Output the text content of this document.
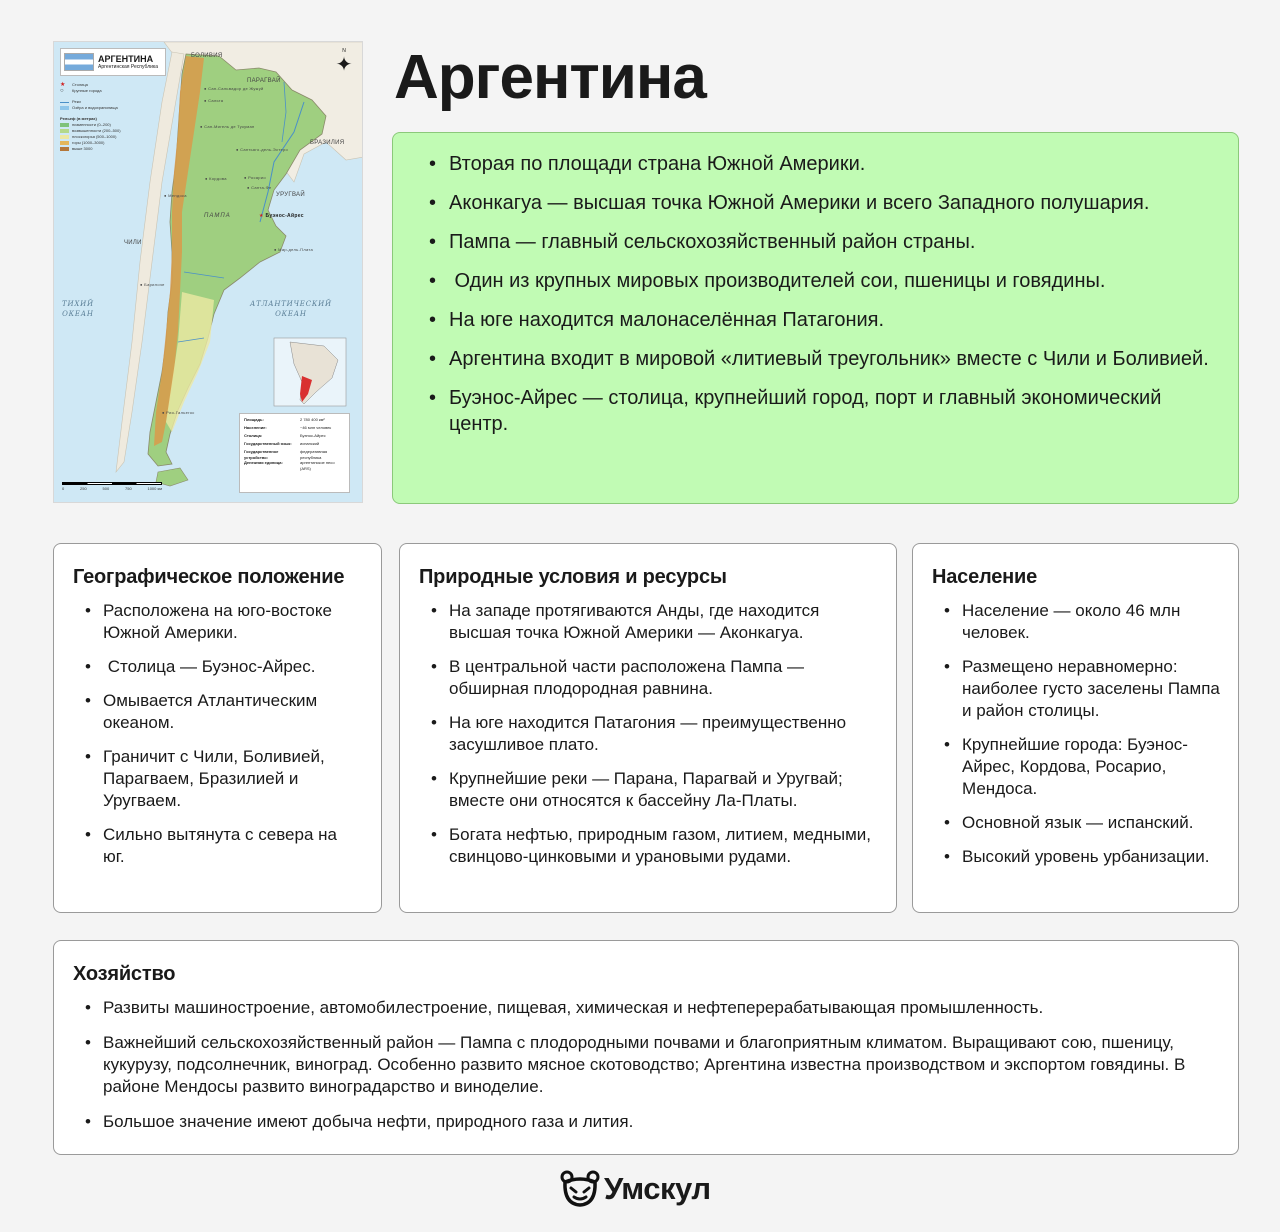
АРГЕНТИНА
Аргентинская Республика
★	Столица
○	Крупные города
Реки
Озёра и водохранилища
Рельеф (в метрах)
низменности (0–200)
возвышенности (200–500)
плоскогорья (500–1000)
горы (1000–3000)
выше 3000
БОЛИВИЯ
ПАРАГВАЙ
БРАЗИЛИЯ
УРУГВАЙ
ЧИЛИ
ПАМПА
ТИХИЙ
ОКЕАН
АТЛАНТИЧЕСКИЙ
ОКЕАН
● Сан-Сальвадор де Жужуй
● Сальта
● Сан-Мигель де Тукуман
● Сантьяго-дель-Эстеро
● Кордова
● Санта-Фе
● Росарио
● Мендоса
★ Буэнос-Айрес
● Мар-дель-Плата
● Барилоче
● Рио-Гальегос
N
✦
Площадь:	2 780 400 км²
Население:	~46 млн человек
Столица:	Буэнос-Айрес
Государственный язык:	испанский
Государственное устройство:
федеративная республика
Денежная единица:	аргентинское песо (ARS)
0	250	500	750	1000 км
Аргентина
• Вторая по площади страна Южной Америки.
• Аконкагуа — высшая точка Южной Америки и всего Западного полушария.
• Пампа — главный сельскохозяйственный район страны.
•  Один из крупных мировых производителей сои, пшеницы и говядины.
• На юге находится малонаселённая Патагония.
• Аргентина входит в мировой «литиевый треугольник» вместе с Чили и Боливией.
• Буэнос-Айрес — столица, крупнейший город, порт и главный экономический центр.
Географическое положение
• Расположена на юго-востоке Южной Америки.
•  Столица — Буэнос-Айрес.
• Омывается Атлантическим океаном.
• Граничит с Чили, Боливией, Парагваем, Бразилией и Уругваем.
• Сильно вытянута с севера на юг.
Природные условия и ресурсы
• На западе протягиваются Анды, где находится высшая точка Южной Америки — Аконкагуа.
• В центральной части расположена Пампа — обширная плодородная равнина.
• На юге находится Патагония — преимущественно засушливое плато.
• Крупнейшие реки — Парана, Парагвай и Уругвай; вместе они относятся к бассейну Ла-Платы.
• Богата нефтью, природным газом, литием, медными, свинцово-цинковыми и урановыми рудами.
Население
• Население — около 46 млн человек.
• Размещено неравномерно: наиболее густо заселены Пампа и район столицы.
• Крупнейшие города: Буэнос-Айрес, Кордова, Росарио, Мендоса.
• Основной язык — испанский.
• Высокий уровень урбанизации.
Хозяйство
• Развиты машиностроение, автомобилестроение, пищевая, химическая и нефтеперерабатывающая промышленность.
• Важнейший сельскохозяйственный район — Пампа с плодородными почвами и благоприятным климатом. Выращивают сою, пшеницу, кукурузу, подсолнечник, виноград. Особенно развито мясное скотоводство; Аргентина известна производством и экспортом говядины. В районе Мендосы развито виноградарство и виноделие.
• Большое значение имеют добыча нефти, природного газа и лития.
Умскул
